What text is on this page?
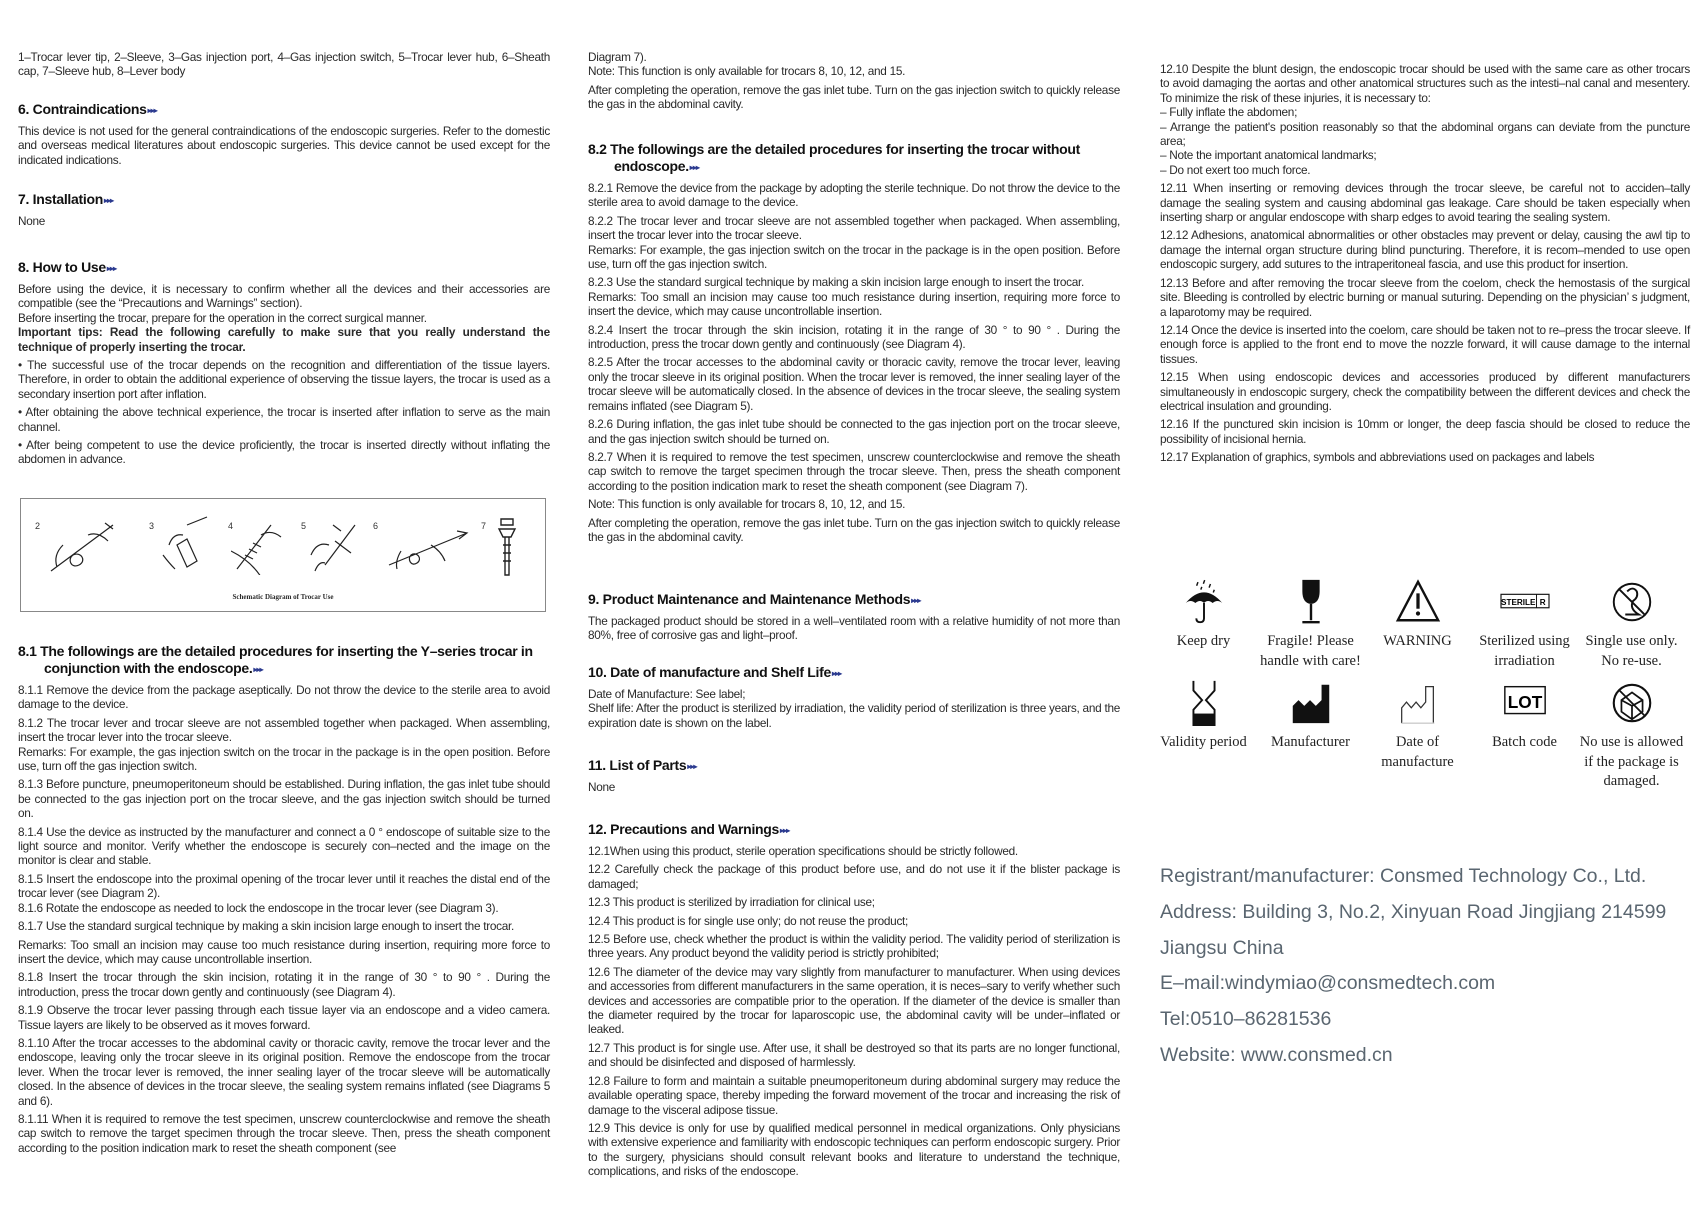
1–Trocar lever tip, 2–Sleeve, 3–Gas injection port, 4–Gas injection switch, 5–Trocar lever hub, 6–Sheath cap, 7–Sleeve hub, 8–Lever body

6. Contraindications▸▸▸

This device is not used for the general contraindications of the endoscopic surgeries. Refer to the domestic and overseas medical literatures about endoscopic surgeries. This device cannot be used except for the indicated indications.

7. Installation▸▸▸

None

8. How to Use▸▸▸

Before using the device, it is necessary to confirm whether all the devices and their accessories are compatible (see the “Precautions and Warnings” section).
Before inserting the trocar, prepare for the operation in the correct surgical manner.

Important tips: Read the following carefully to make sure that you really understand the technique of properly inserting the trocar.

• The successful use of the trocar depends on the recognition and differentiation of the tissue layers. Therefore, in order to obtain the additional experience of observing the tissue layers, the trocar is used as a secondary insertion port after inflation.

• After obtaining the above technical experience, the trocar is inserted after inflation to serve as the main channel.

• After being competent to use the device proficiently, the trocar is inserted directly without inflating the abdomen in advance.

2	3	4	5	6	7
Schematic Diagram of Trocar Use
8.1 The followings are the detailed procedures for inserting the Y–series trocar in conjunction with the endoscope.▸▸▸

8.1.1 Remove the device from the package aseptically. Do not throw the device to the sterile area to avoid damage to the device.

8.1.2 The trocar lever and trocar sleeve are not assembled together when packaged. When assembling, insert the trocar lever into the trocar sleeve.
Remarks: For example, the gas injection switch on the trocar in the package is in the open position. Before use, turn off the gas injection switch.

8.1.3 Before puncture, pneumoperitoneum should be established. During inflation, the gas inlet tube should be connected to the gas injection port on the trocar sleeve, and the gas injection switch should be turned on.

8.1.4 Use the device as instructed by the manufacturer and connect a 0 ° endoscope of suitable size to the light source and monitor. Verify whether the endoscope is securely con–nected and the image on the monitor is clear and stable.

8.1.5 Insert the endoscope into the proximal opening of the trocar lever until it reaches the distal end of the trocar lever (see Diagram 2).
8.1.6 Rotate the endoscope as needed to lock the endoscope in the trocar lever (see Diagram 3).

8.1.7 Use the standard surgical technique by making a skin incision large enough to insert the trocar.

Remarks: Too small an incision may cause too much resistance during insertion, requiring more force to insert the device, which may cause uncontrollable insertion.

8.1.8 Insert the trocar through the skin incision, rotating it in the range of 30 ° to 90 ° . During the introduction, press the trocar down gently and continuously (see Diagram 4).

8.1.9 Observe the trocar lever passing through each tissue layer via an endoscope and a video camera. Tissue layers are likely to be observed as it moves forward.

8.1.10 After the trocar accesses to the abdominal cavity or thoracic cavity, remove the trocar lever and the endoscope, leaving only the trocar sleeve in its original position. Remove the endoscope from the trocar lever. When the trocar lever is removed, the inner sealing layer of the trocar sleeve will be automatically closed. In the absence of devices in the trocar sleeve, the sealing system remains inflated (see Diagrams 5 and 6).

8.1.11 When it is required to remove the test specimen, unscrew counterclockwise and remove the sheath cap switch to remove the target specimen through the trocar sleeve. Then, press the sheath component according to the position indication mark to reset the sheath component (see

Diagram 7).
Note: This function is only available for trocars 8, 10, 12, and 15.

After completing the operation, remove the gas inlet tube. Turn on the gas injection switch to quickly release the gas in the abdominal cavity.

8.2 The followings are the detailed procedures for inserting the trocar without endoscope.▸▸▸

8.2.1 Remove the device from the package by adopting the sterile technique. Do not throw the device to the sterile area to avoid damage to the device.

8.2.2 The trocar lever and trocar sleeve are not assembled together when packaged. When assembling, insert the trocar lever into the trocar sleeve.
Remarks: For example, the gas injection switch on the trocar in the package is in the open position. Before use, turn off the gas injection switch.

8.2.3 Use the standard surgical technique by making a skin incision large enough to insert the trocar.
Remarks: Too small an incision may cause too much resistance during insertion, requiring more force to insert the device, which may cause uncontrollable insertion.

8.2.4 Insert the trocar through the skin incision, rotating it in the range of 30 ° to 90 ° . During the introduction, press the trocar down gently and continuously (see Diagram 4).

8.2.5 After the trocar accesses to the abdominal cavity or thoracic cavity, remove the trocar lever, leaving only the trocar sleeve in its original position. When the trocar lever is removed, the inner sealing layer of the trocar sleeve will be automatically closed. In the absence of devices in the trocar sleeve, the sealing system remains inflated (see Diagram 5).

8.2.6 During inflation, the gas inlet tube should be connected to the gas injection port on the trocar sleeve, and the gas injection switch should be turned on.

8.2.7 When it is required to remove the test specimen, unscrew counterclockwise and remove the sheath cap switch to remove the target specimen through the trocar sleeve. Then, press the sheath component according to the position indication mark to reset the sheath component (see Diagram 7).

Note: This function is only available for trocars 8, 10, 12, and 15.

After completing the operation, remove the gas inlet tube. Turn on the gas injection switch to quickly release the gas in the abdominal cavity.

9. Product Maintenance and Maintenance Methods▸▸▸

The packaged product should be stored in a well–ventilated room with a relative humidity of not more than 80%, free of corrosive gas and light–proof.

10. Date of manufacture and Shelf Life▸▸▸

Date of Manufacture: See label;
Shelf life: After the product is sterilized by irradiation, the validity period of sterilization is three years, and the expiration date is shown on the label.

11. List of Parts▸▸▸

None

12. Precautions and Warnings▸▸▸

12.1When using this product, sterile operation specifications should be strictly followed.

12.2 Carefully check the package of this product before use, and do not use it if the blister package is damaged;

12.3 This product is sterilized by irradiation for clinical use;

12.4 This product is for single use only; do not reuse the product;

12.5 Before use, check whether the product is within the validity period. The validity period of sterilization is three years. Any product beyond the validity period is strictly prohibited;

12.6 The diameter of the device may vary slightly from manufacturer to manufacturer. When using devices and accessories from different manufacturers in the same operation, it is neces–sary to verify whether such devices and accessories are compatible prior to the operation. If the diameter of the device is smaller than the diameter required by the trocar for laparoscopic use, the abdominal cavity will be under–inflated or leaked.

12.7 This product is for single use. After use, it shall be destroyed so that its parts are no longer functional, and should be disinfected and disposed of harmlessly.

12.8 Failure to form and maintain a suitable pneumoperitoneum during abdominal surgery may reduce the available operating space, thereby impeding the forward movement of the trocar and increasing the risk of damage to the visceral adipose tissue.

12.9 This device is only for use by qualified medical personnel in medical organizations. Only physicians with extensive experience and familiarity with endoscopic techniques can perform endoscopic surgery. Prior to the surgery, physicians should consult relevant books and literature to understand the technique, complications, and risks of the endoscope.

12.10 Despite the blunt design, the endoscopic trocar should be used with the same care as other trocars to avoid damaging the aortas and other anatomical structures such as the intesti–nal canal and mesentery. To minimize the risk of these injuries, it is necessary to:
– Fully inflate the abdomen;
– Arrange the patient's position reasonably so that the abdominal organs can deviate from the puncture area;
– Note the important anatomical landmarks;
– Do not exert too much force.

12.11 When inserting or removing devices through the trocar sleeve, be careful not to acciden–tally damage the sealing system and causing abdominal gas leakage. Care should be taken especially when inserting sharp or angular endoscope with sharp edges to avoid tearing the sealing system.

12.12 Adhesions, anatomical abnormalities or other obstacles may prevent or delay, causing the awl tip to damage the internal organ structure during blind puncturing. Therefore, it is recom–mended to use open endoscopic surgery, add sutures to the intraperitoneal fascia, and use this product for insertion.

12.13 Before and after removing the trocar sleeve from the coelom, check the hemostasis of the surgical site. Bleeding is controlled by electric burning or manual suturing. Depending on the physician’ s judgment, a laparotomy may be required.

12.14 Once the device is inserted into the coelom, care should be taken not to re–press the trocar sleeve. If enough force is applied to the front end to move the nozzle forward, it will cause damage to the internal tissues.

12.15 When using endoscopic devices and accessories produced by different manufacturers simultaneously in endoscopic surgery, check the compatibility between the different devices and check the electrical insulation and grounding.

12.16 If the punctured skin incision is 10mm or longer, the deep fascia should be closed to reduce the possibility of incisional hernia.

12.17 Explanation of graphics, symbols and abbreviations used on packages and labels

Keep dry	Fragile! Please handle with care!
WARNING
STERILE R
Sterilized using irradiation
Single use only. No re-use.
Validity period	Manufacturer	Date of manufacture
LOT
Batch code	No use is allowed if the package is damaged.
Registrant/manufacturer: Consmed Technology Co., Ltd.
Address: Building 3, No.2, Xinyuan Road Jingjiang 214599
Jiangsu China
E–mail:windymiao@consmedtech.com
Tel:0510–86281536
Website: www.consmed.cn
